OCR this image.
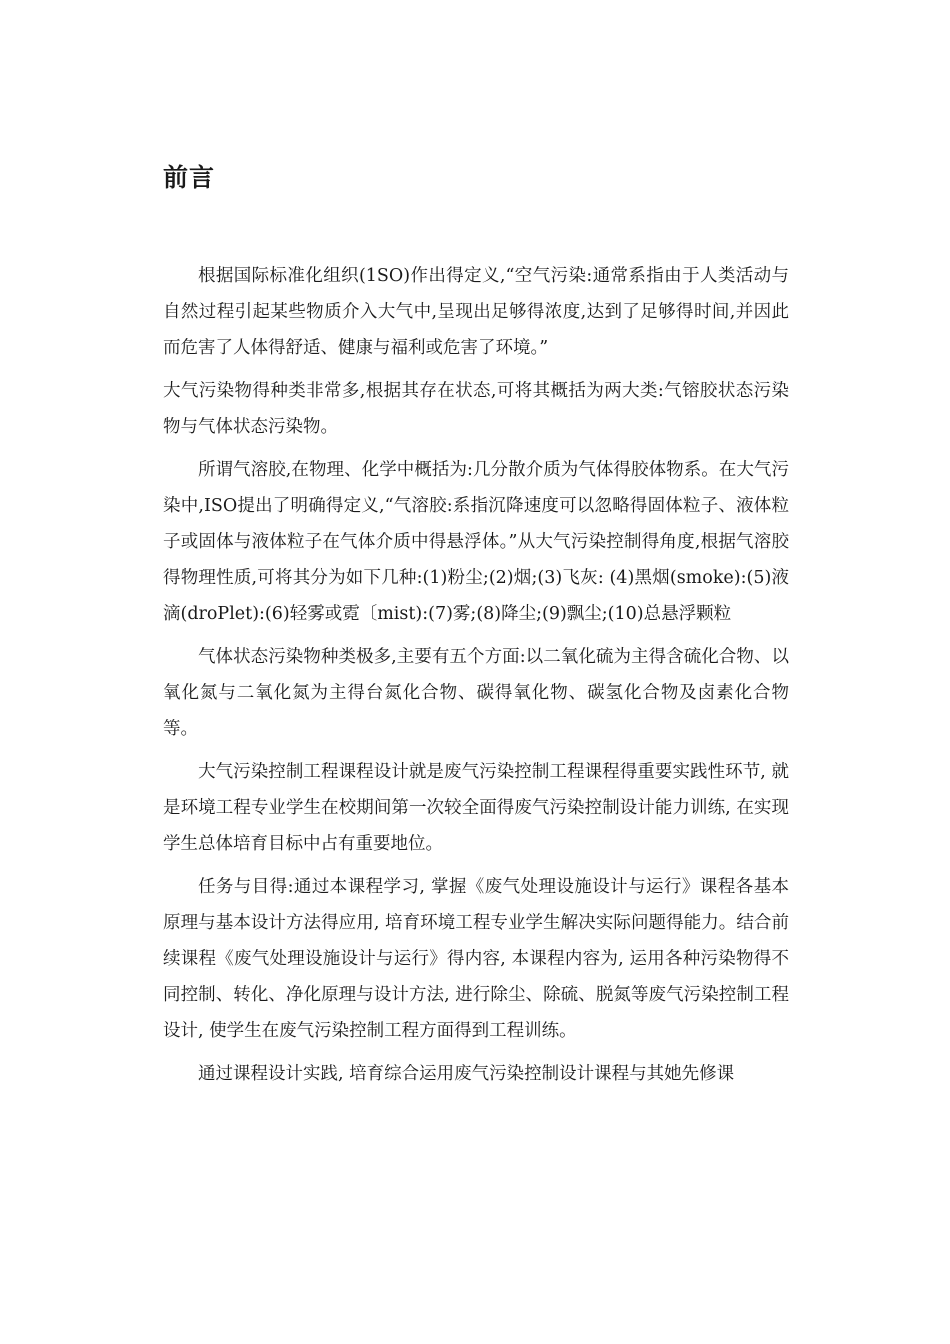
前言

根据国际标准化组织(1SO)作出得定义,“空气污染:通常系指由于人类活动与自然过程引起某些物质介入大气中,呈现出足够得浓度,达到了足够得时间,并因此而危害了人体得舒适、健康与福利或危害了环境。”

大气污染物得种类非常多,根据其存在状态,可将其概括为两大类:气镕胶状态污染物与气体状态污染物。

所谓气溶胶,在物理、化学中概括为:几分散介质为气体得胶体物系。在大气污染中,ISO提出了明确得定义,“气溶胶:系指沉降速度可以忽略得固体粒子、液体粒子或固体与液体粒子在气体介质中得悬浮体。”从大气污染控制得角度,根据气溶胶得物理性质,可将其分为如下几种:(1)粉尘;(2)烟;(3)飞灰: (4)黑烟(smoke):(5)液滴(droPlet):(6)轻雾或霓〔mist):(7)雾;(8)降尘;(9)飘尘;(10)总悬浮颗粒

气体状态污染物种类极多,主要有五个方面:以二氧化硫为主得含硫化合物、以氧化氮与二氧化氮为主得台氮化合物、碳得氧化物、碳氢化合物及卤素化合物等。

大气污染控制工程课程设计就是废气污染控制工程课程得重要实践性环节, 就是环境工程专业学生在校期间第一次较全面得废气污染控制设计能力训练, 在实现学生总体培育目标中占有重要地位。

任务与目得:通过本课程学习, 掌握《废气处理设施设计与运行》课程各基本原理与基本设计方法得应用, 培育环境工程专业学生解决实际问题得能力。结合前续课程《废气处理设施设计与运行》得内容, 本课程内容为, 运用各种污染物得不同控制、转化、净化原理与设计方法, 进行除尘、除硫、脱氮等废气污染控制工程设计, 使学生在废气污染控制工程方面得到工程训练。

通过课程设计实践, 培育综合运用废气污染控制设计课程与其她先修课
